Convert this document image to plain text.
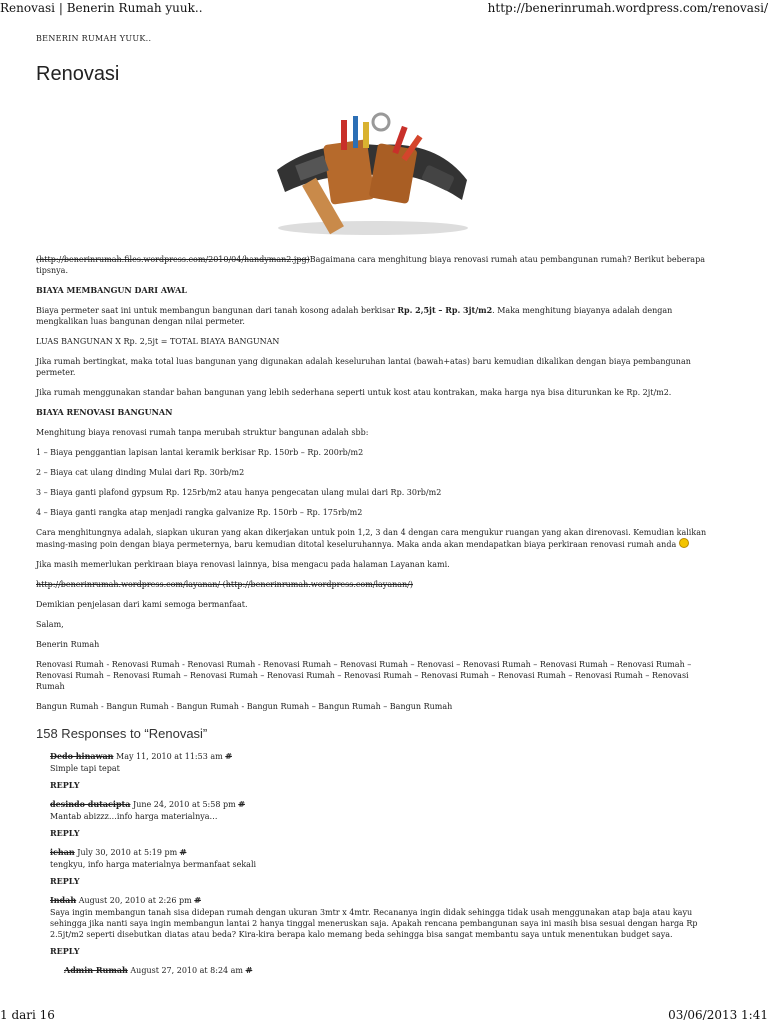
Renovasi | Benerin Rumah yuuk..	http://benerinrumah.wordpress.com/renovasi/
BENERIN RUMAH YUUK..
Renovasi

(http://benerinrumah.files.wordpress.com/2010/04/handyman2.jpg)Bagaimana cara menghitung biaya renovasi rumah atau pembangunan rumah? Berikut beberapa tipsnya.

BIAYA MEMBANGUN DARI AWAL

Biaya permeter saat ini untuk membangun bangunan dari tanah kosong adalah berkisar Rp. 2,5jt – Rp. 3jt/m2. Maka menghitung biayanya adalah dengan mengkalikan luas bangunan dengan nilai permeter.

LUAS BANGUNAN X Rp. 2,5jt = TOTAL BIAYA BANGUNAN

Jika rumah bertingkat, maka total luas bangunan yang digunakan adalah keseluruhan lantai (bawah+atas) baru kemudian dikalikan dengan biaya pembangunan permeter.

Jika rumah menggunakan standar bahan bangunan yang lebih sederhana seperti untuk kost atau kontrakan, maka harga nya bisa diturunkan ke Rp. 2jt/m2.

BIAYA RENOVASI BANGUNAN

Menghitung biaya renovasi rumah tanpa merubah struktur bangunan adalah sbb:

1 – Biaya penggantian lapisan lantai keramik berkisar Rp. 150rb – Rp. 200rb/m2

2 – Biaya cat ulang dinding Mulai dari Rp. 30rb/m2

3 – Biaya ganti plafond gypsum Rp. 125rb/m2 atau hanya pengecatan ulang mulai dari Rp. 30rb/m2

4 – Biaya ganti rangka atap menjadi rangka galvanize Rp. 150rb – Rp. 175rb/m2

Cara menghitungnya adalah, siapkan ukuran yang akan dikerjakan untuk poin 1,2, 3 dan 4 dengan cara mengukur ruangan yang akan direnovasi. Kemudian kalikan masing-masing poin dengan biaya permeternya, baru kemudian ditotal keseluruhannya. Maka anda akan mendapatkan biaya perkiraan renovasi rumah anda

Jika masih memerlukan perkiraan biaya renovasi lainnya, bisa mengacu pada halaman Layanan kami.

http://benerinrumah.wordpress.com/layanan/ (http://benerinrumah.wordpress.com/layanan/)

Demikian penjelasan dari kami semoga bermanfaat.

Salam,

Benerin Rumah

Renovasi Rumah - Renovasi Rumah - Renovasi Rumah - Renovasi Rumah – Renovasi Rumah – Renovasi – Renovasi Rumah – Renovasi Rumah – Renovasi Rumah – Renovasi Rumah – Renovasi Rumah – Renovasi Rumah – Renovasi Rumah – Renovasi Rumah – Renovasi Rumah – Renovasi Rumah – Renovasi Rumah – Renovasi Rumah

Bangun Rumah - Bangun Rumah - Bangun Rumah - Bangun Rumah – Bangun Rumah – Bangun Rumah

158 Responses to “Renovasi”
Dedo hinawan May 11, 2010 at 11:53 am #
Simple tapi tepat
REPLY
desindo dutacipta June 24, 2010 at 5:58 pm #
Mantab abizzz…info harga materialnya…
REPLY
ichan July 30, 2010 at 5:19 pm #
tengkyu, info harga materialnya bermanfaat sekali
REPLY
Indah August 20, 2010 at 2:26 pm #
Saya ingin membangun tanah sisa didepan rumah dengan ukuran 3mtr x 4mtr. Recananya ingin didak sehingga tidak usah menggunakan atap baja atau kayu sehingga jika nanti saya ingin membangun lantai 2 hanya tinggal meneruskan saja. Apakah rencana pembangunan saya ini masih bisa sesuai dengan harga Rp 2.5jt/m2 seperti disebutkan diatas atau beda? Kira-kira berapa kalo memang beda sehingga bisa sangat membantu saya untuk menentukan budget saya.
REPLY
Admin Rumah August 27, 2010 at 8:24 am #
1 dari 16	03/06/2013 1:41
